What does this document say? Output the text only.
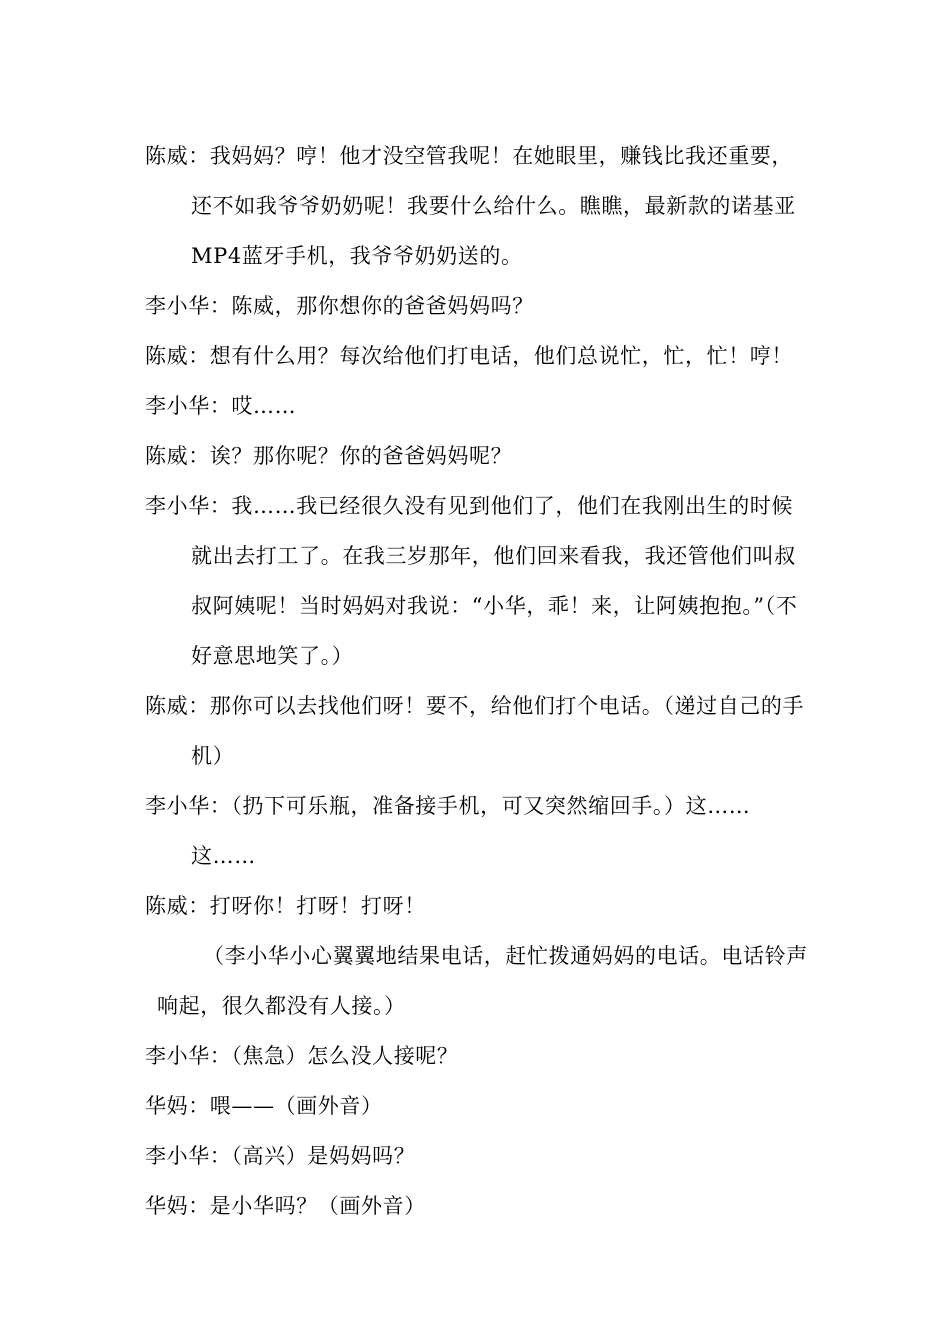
陈威：我妈妈？哼！他才没空管我呢！在她眼里，赚钱比我还重要，还不如我爷爷奶奶呢！我要什么给什么。瞧瞧，最新款的诺基亚MP4蓝牙手机，我爷爷奶奶送的。

李小华：陈威，那你想你的爸爸妈妈吗？

陈威：想有什么用？每次给他们打电话，他们总说忙，忙，忙！哼！

李小华：哎……

陈威：诶？那你呢？你的爸爸妈妈呢？

李小华：我……我已经很久没有见到他们了，他们在我刚出生的时候就出去打工了。在我三岁那年，他们回来看我，我还管他们叫叔叔阿姨呢！当时妈妈对我说：“小华，乖！来，让阿姨抱抱。”（不好意思地笑了。）

陈威：那你可以去找他们呀！要不，给他们打个电话。（递过自己的手机）

李小华：（扔下可乐瓶，准备接手机，可又突然缩回手。）这……这……

陈威：打呀你！打呀！打呀！

（李小华小心翼翼地结果电话，赶忙拨通妈妈的电话。电话铃声响起，很久都没有人接。）

李小华：（焦急）怎么没人接呢？

华妈：喂——（画外音）

李小华：（高兴）是妈妈吗？

华妈：是小华吗？（画外音）
